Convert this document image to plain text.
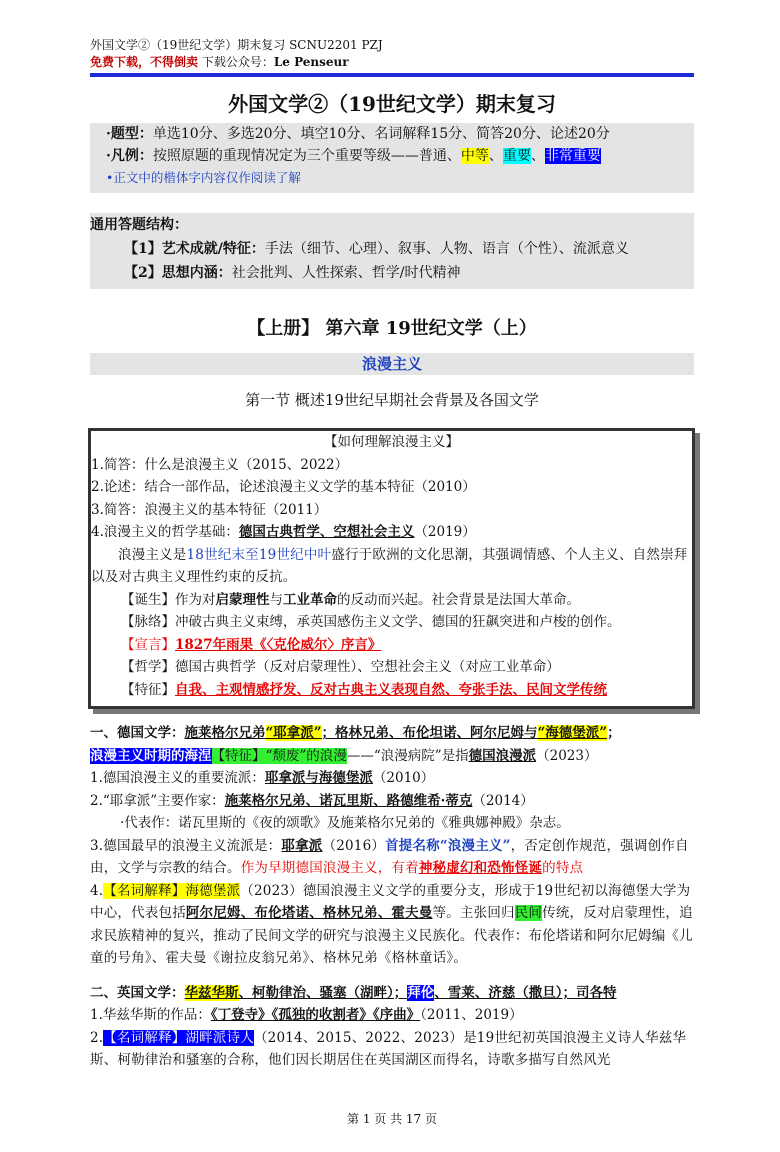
外国文学②（19世纪文学）期末复习 SCNU2201 PZJ
免费下载，不得倒卖 下载公众号：Le Penseur
外国文学②（19世纪文学）期末复习
·题型：单选10分、多选20分、填空10分、名词解释15分、简答20分、论述20分
·凡例：按照原题的重现情况定为三个重要等级——普通、中等、重要、非常重要
•正文中的楷体字内容仅作阅读了解
通用答题结构：
【1】艺术成就/特征：手法（细节、心理）、叙事、人物、语言（个性）、流派意义
【2】思想内涵：社会批判、人性探索、哲学/时代精神
【上册】 第六章 19世纪文学（上）
浪漫主义
第一节 概述19世纪早期社会背景及各国文学
【如何理解浪漫主义】
1.简答：什么是浪漫主义（2015、2022）
2.论述：结合一部作品，论述浪漫主义文学的基本特征（2010）
3.简答：浪漫主义的基本特征（2011）
4.浪漫主义的哲学基础：德国古典哲学、空想社会主义（2019）
浪漫主义是18世纪末至19世纪中叶盛行于欧洲的文化思潮，其强调情感、个人主义、自然崇拜以及对古典主义理性约束的反抗。
【诞生】作为对启蒙理性与工业革命的反动而兴起。社会背景是法国大革命。
【脉络】冲破古典主义束缚，承英国感伤主义文学、德国的狂飙突进和卢梭的创作。
【宣言】1827年雨果《〈克伦威尔〉序言》
【哲学】德国古典哲学（反对启蒙理性）、空想社会主义（对应工业革命）
【特征】自我、主观情感抒发、反对古典主义表现自然、夸张手法、民间文学传统
一、德国文学：施莱格尔兄弟“耶拿派”；格林兄弟、布伦坦诺、阿尔尼姆与“海德堡派”；
浪漫主义时期的海涅【特征】“颓废”的浪漫——“浪漫病院”是指德国浪漫派（2023）
1.德国浪漫主义的重要流派：耶拿派与海德堡派（2010）
2.“耶拿派”主要作家：施莱格尔兄弟、诺瓦里斯、路德维希·蒂克（2014）
·代表作：诺瓦里斯的《夜的颂歌》及施莱格尔兄弟的《雅典娜神殿》杂志。
3.德国最早的浪漫主义流派是：耶拿派（2016）首提名称“浪漫主义”，否定创作规范，强调创作自由，文学与宗教的结合。作为早期德国浪漫主义，有着神秘虚幻和恐怖怪诞的特点
4.【名词解释】海德堡派（2023）德国浪漫主义文学的重要分支，形成于19世纪初以海德堡大学为中心，代表包括阿尔尼姆、布伦塔诺、格林兄弟、霍夫曼等。主张回归民间传统，反对启蒙理性，追求民族精神的复兴，推动了民间文学的研究与浪漫主义民族化。代表作：布伦塔诺和阿尔尼姆编《儿童的号角》、霍夫曼《谢拉皮翁兄弟》、格林兄弟《格林童话》。
二、英国文学：华兹华斯、柯勒律治、骚塞（湖畔）；拜伦、雪莱、济慈（撒旦）；司各特
1.华兹华斯的作品：《丁登寺》《孤独的收割者》《序曲》（2011、2019）
2.【名词解释】湖畔派诗人（2014、2015、2022、2023）是19世纪初英国浪漫主义诗人华兹华斯、柯勒律治和骚塞的合称，他们因长期居住在英国湖区而得名，诗歌多描写自然风光
第 1 页 共 17 页
